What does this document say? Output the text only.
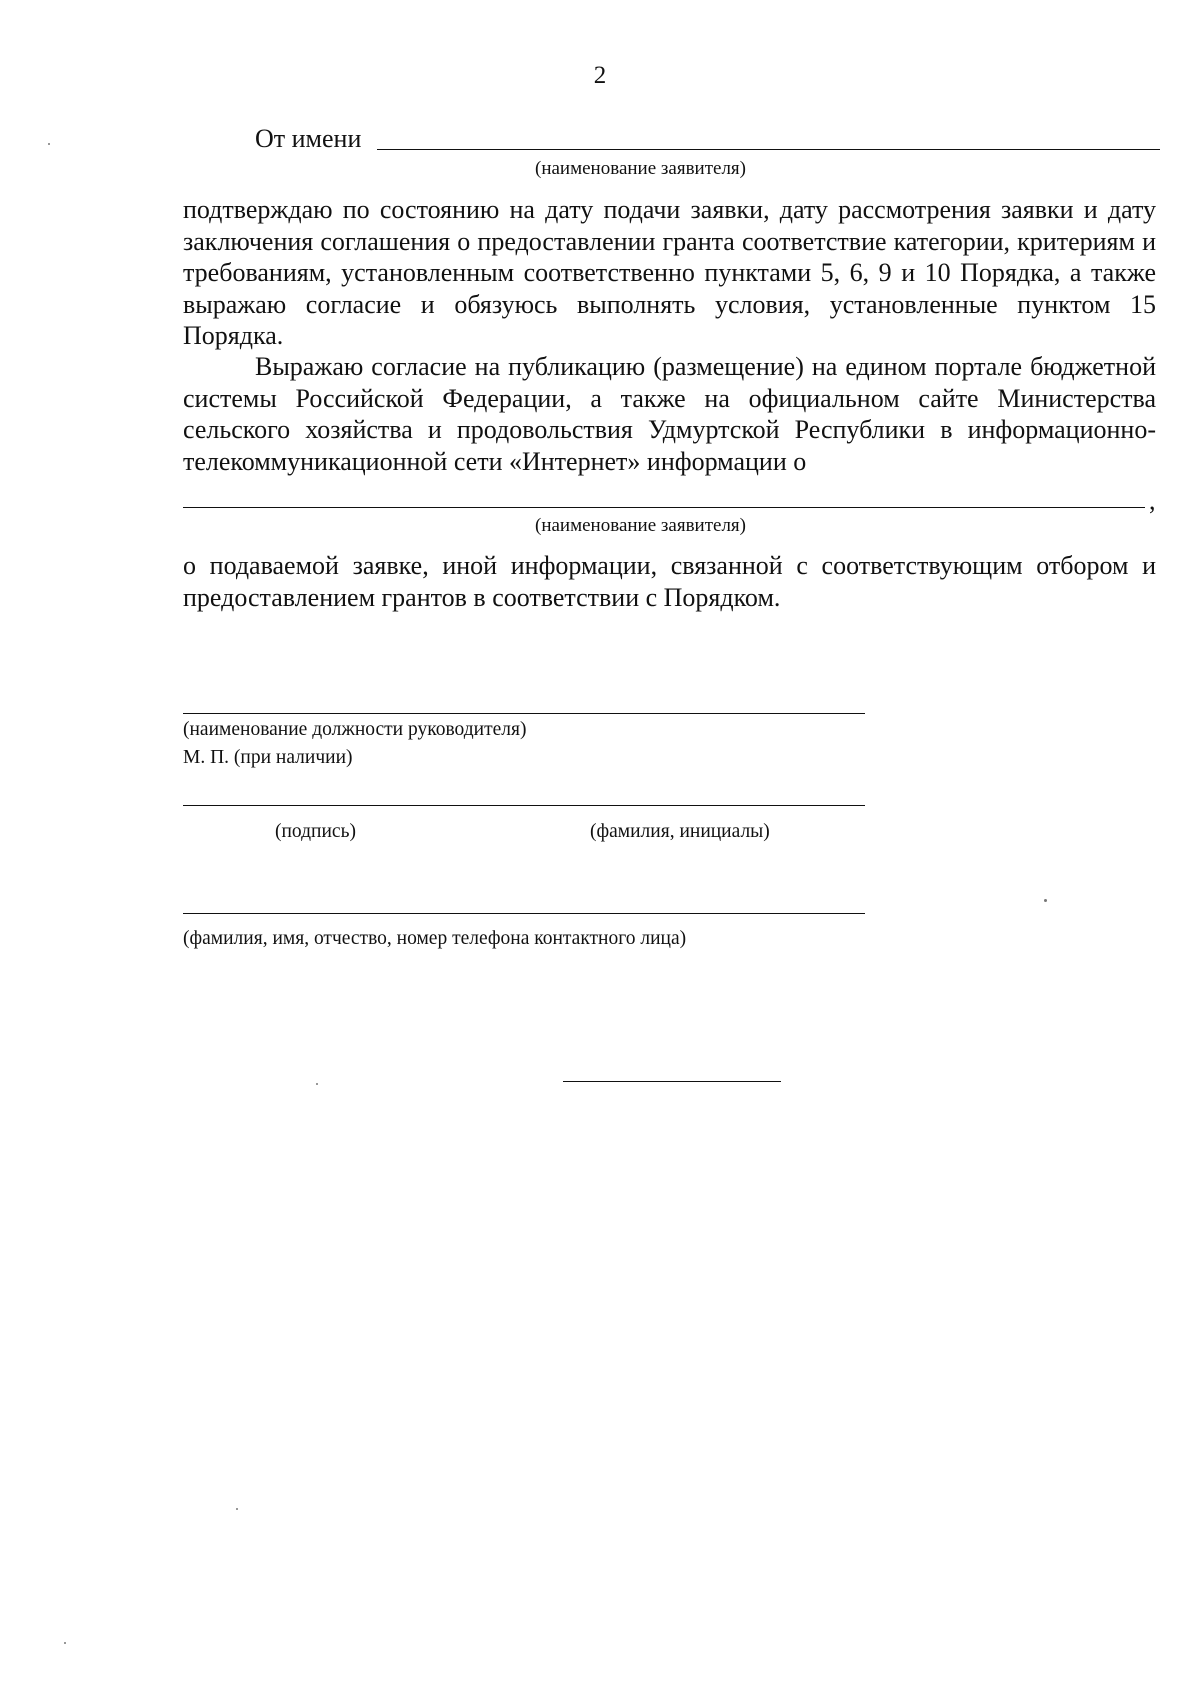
2
От имени
(наименование заявителя)
подтверждаю по состоянию на дату подачи заявки, дату рассмотрения заявки и дату заключения соглашения о предоставлении гранта соответствие категории, критериям и требованиям, установленным соответственно пунктами 5, 6, 9 и 10 Порядка, а также выражаю согласие и обязуюсь выполнять условия, установленные пунктом 15 Порядка.
Выражаю согласие на публикацию (размещение) на едином портале бюджетной системы Российской Федерации, а также на официальном сайте Министерства сельского хозяйства и продовольствия Удмуртской Республики в информационно-телекоммуникационной сети «Интернет» информации о
,
(наименование заявителя)
о подаваемой заявке, иной информации, связанной с соответствующим отбором и предоставлением грантов в соответствии с Порядком.
(наименование должности руководителя)
М. П. (при наличии)
(подпись)	(фамилия, инициалы)
(фамилия, имя, отчество, номер телефона контактного лица)
